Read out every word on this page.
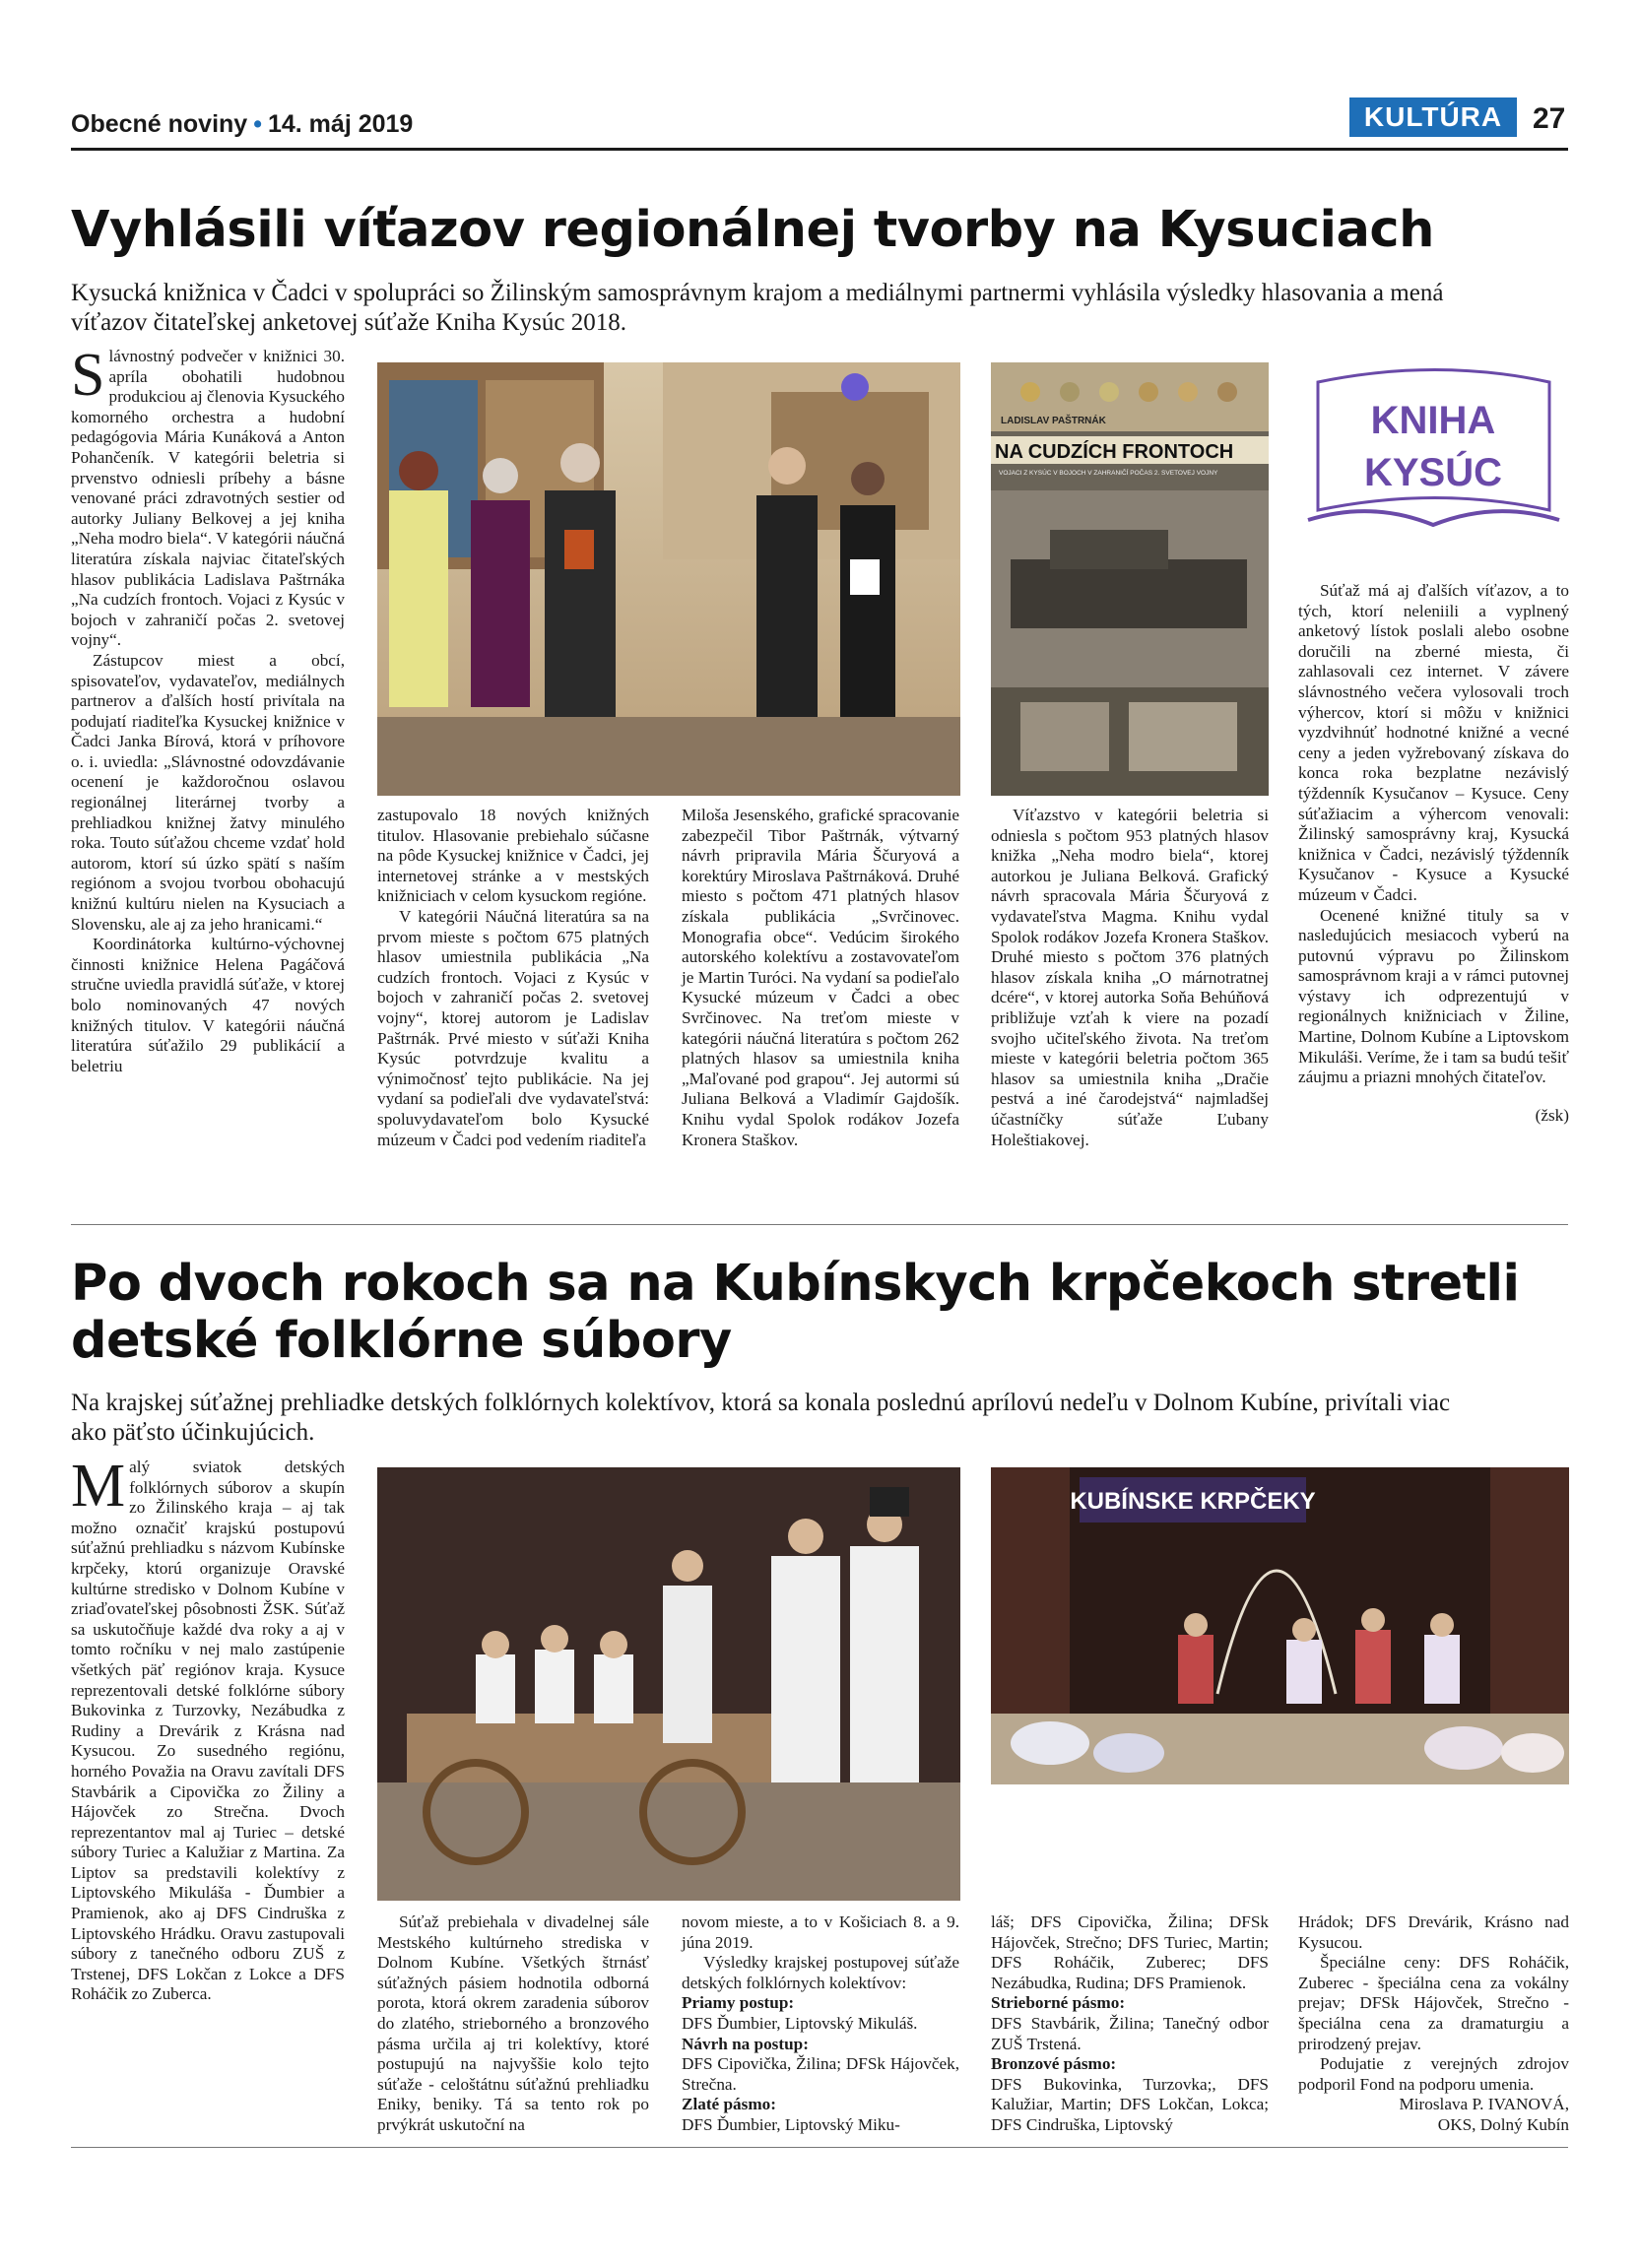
Obecné noviny • 14. máj 2019	KULTÚRA	27
Vyhlásili víťazov regionálnej tvorby na Kysuciach
Kysucká knižnica v Čadci v spolupráci so Žilinským samosprávnym krajom a mediálnymi partnermi vyhlásila výsledky hlasovania a mená víťazov čitateľskej anketovej súťaže Kniha Kysúc 2018.

Slávnostný podvečer v knižnici 30. apríla obohatili hudobnou produkciou aj členovia Kysuckého komorného orchestra a hudobní pedagógovia Mária Kunáková a Anton Pohančeník. V kategórii beletria si prvenstvo odniesli príbehy a básne venované práci zdravotných sestier od autorky Juliany Belkovej a jej kniha „Neha modro biela“. V kategórii náučná literatúra získala najviac čitateľských hlasov publikácia Ladislava Paštrnáka „Na cudzích frontoch. Vojaci z Kysúc v bojoch v zahraničí počas 2. svetovej vojny“.

Zástupcov miest a obcí, spisovateľov, vydavateľov, mediálnych partnerov a ďalších hostí privítala na podujatí riaditeľka Kysuckej knižnice v Čadci Janka Bírová, ktorá v príhovore o. i. uviedla: „Slávnostné odovzdávanie ocenení je každoročnou oslavou regionálnej literárnej tvorby a prehliadkou knižnej žatvy minulého roka. Touto súťažou chceme vzdať hold autorom, ktorí sú úzko spätí s naším regiónom a svojou tvorbou obohacujú knižnú kultúru nielen na Kysuciach a Slovensku, ale aj za jeho hranicami.“

Koordinátorka kultúrno-výchovnej činnosti knižnice Helena Pagáčová stručne uviedla pravidlá súťaže, v ktorej bolo nominovaných 47 nových knižných titulov. V kategórii náučná literatúra súťažilo 29 publikácií a beletriu

LADISLAV PAŠTRNÁK
NA CUDZÍCH FRONTOCH
VOJACI Z KYSÚC V BOJOCH V ZAHRANIČÍ POČAS 2. SVETOVEJ VOJNY
KNIHA
KYSÚC

Súťaž má aj ďalších víťazov, a to tých, ktorí neleniili a vyplnený anketový lístok poslali alebo osobne doručili na zberné miesta, či zahlasovali cez internet. V závere slávnostného večera vylosovali troch výhercov, ktorí si môžu v knižnici vyzdvihnúť hodnotné knižné a vecné ceny a jeden vyžrebovaný získava do konca roka bezplatne nezávislý týždenník Kysučanov – Kysuce. Ceny súťažiacim a výhercom venovali: Žilinský samosprávny kraj, Kysucká knižnica v Čadci, nezávislý týždenník Kysučanov - Kysuce a Kysucké múzeum v Čadci.

Ocenené knižné tituly sa v nasledujúcich mesiacoch vyberú na putovnú výpravu po Žilinskom samosprávnom kraji a v rámci putovnej výstavy ich odprezentujú v regionálnych knižniciach v Žiline, Martine, Dolnom Kubíne a Liptovskom Mikuláši. Veríme, že i tam sa budú tešiť záujmu a priazni mnohých čitateľov.

(žsk)

zastupovalo 18 nových knižných titulov. Hlasovanie prebiehalo súčasne na pôde Kysuckej knižnice v Čadci, jej internetovej stránke a v mestských knižniciach v celom kysuckom regióne.

V kategórii Náučná literatúra sa na prvom mieste s počtom 675 platných hlasov umiestnila publikácia „Na cudzích frontoch. Vojaci z Kysúc v bojoch v zahraničí počas 2. svetovej vojny“, ktorej autorom je Ladislav Paštrnák. Prvé miesto v súťaži Kniha Kysúc potvrdzuje kvalitu a výnimočnosť tejto publikácie. Na jej vydaní sa podieľali dve vydavateľstvá: spoluvydavateľom bolo Kysucké múzeum v Čadci pod vedením riaditeľa

Miloša Jesenského, grafické spracovanie zabezpečil Tibor Paštrnák, výtvarný návrh pripravila Mária Ščuryová a korektúry Miroslava Paštrnáková. Druhé miesto s počtom 471 platných hlasov získala publikácia „Svrčinovec. Monografia obce“. Vedúcim širokého autorského kolektívu a zostavovateľom je Martin Turóci. Na vydaní sa podieľalo Kysucké múzeum v Čadci a obec Svrčinovec. Na treťom mieste v kategórii náučná literatúra s počtom 262 platných hlasov sa umiestnila kniha „Maľované pod grapou“. Jej autormi sú Juliana Belková a Vladimír Gajdošík. Knihu vydal Spolok rodákov Jozefa Kronera Staškov.

Víťazstvo v kategórii beletria si odniesla s počtom 953 platných hlasov knižka „Neha modro biela“, ktorej autorkou je Juliana Belková. Grafický návrh spracovala Mária Ščuryová z vydavateľstva Magma. Knihu vydal Spolok rodákov Jozefa Kronera Staškov. Druhé miesto s počtom 376 platných hlasov získala kniha „O márnotratnej dcére“, v ktorej autorka Soňa Behúňová približuje vzťah k viere na pozadí svojho učiteľského života. Na treťom mieste v kategórii beletria počtom 365 hlasov sa umiestnila kniha „Dračie pestvá a iné čarodejstvá“ najmladšej účastníčky súťaže Ľubany Holeštiakovej.

Po dvoch rokoch sa na Kubínskych krpčekoch stretli
detské folklórne súbory
Na krajskej súťažnej prehliadke detských folklórnych kolektívov, ktorá sa konala poslednú aprílovú nedeľu v Dolnom Kubíne, privítali viac ako päťsto účinkujúcich.

Malý sviatok detských folklórnych súborov a skupín zo Žilinského kraja – aj tak možno označiť krajskú postupovú súťažnú prehliadku s názvom Kubínske krpčeky, ktorú organizuje Oravské kultúrne stredisko v Dolnom Kubíne v zriaďovateľskej pôsobnosti ŽSK. Súťaž sa uskutočňuje každé dva roky a aj v tomto ročníku v nej malo zastúpenie všetkých päť regiónov kraja. Kysuce reprezentovali detské folklórne súbory Bukovinka z Turzovky, Nezábudka z Rudiny a Drevárik z Krásna nad Kysucou. Zo susedného regiónu, horného Považia na Oravu zavítali DFS Stavbárik a Cipovička zo Žiliny a Hájovček zo Strečna. Dvoch reprezentantov mal aj Turiec – detské súbory Turiec a Kalužiar z Martina. Za Liptov sa predstavili kolektívy z Liptovského Mikuláša - Ďumbier a Pramienok, ako aj DFS Cindruška z Liptovského Hrádku. Oravu zastupovali súbory z tanečného odboru ZUŠ z Trstenej, DFS Lokčan z Lokce a DFS Roháčik zo Zuberca.

KUBÍNSKE KRPČEKY

Súťaž prebiehala v divadelnej sále Mestského kultúrneho strediska v Dolnom Kubíne. Všetkých štrnásť súťažných pásiem hodnotila odborná porota, ktorá okrem zaradenia súborov do zlatého, strieborného a bronzového pásma určila aj tri kolektívy, ktoré postupujú na najvyššie kolo tejto súťaže - celoštátnu súťažnú prehliadku Eniky, beniky. Tá sa tento rok po prvýkrát uskutoční na

novom mieste, a to v Košiciach 8. a 9. júna 2019.

Výsledky krajskej postupovej súťaže detských folklórnych kolektívov:

Priamy postup:

DFS Ďumbier, Liptovský Mikuláš.

Návrh na postup:

DFS Cipovička, Žilina; DFSk Hájovček, Strečna.

Zlaté pásmo:

DFS Ďumbier, Liptovský Miku-

láš; DFS Cipovička, Žilina; DFSk Hájovček, Strečno; DFS Turiec, Martin; DFS Roháčik, Zuberec; DFS Nezábudka, Rudina; DFS Pramienok.

Strieborné pásmo:

DFS Stavbárik, Žilina; Tanečný odbor ZUŠ Trstená.

Bronzové pásmo:

DFS Bukovinka, Turzovka;, DFS Kalužiar, Martin; DFS Lokčan, Lokca; DFS Cindruška, Liptovský

Hrádok; DFS Drevárik, Krásno nad Kysucou.

Špeciálne ceny: DFS Roháčik, Zuberec - špeciálna cena za vokálny prejav; DFSk Hájovček, Strečno - špeciálna cena za dramaturgiu a prirodzený prejav.

Podujatie z verejných zdrojov podporil Fond na podporu umenia.

Miroslava P. IVANOVÁ,

OKS, Dolný Kubín
